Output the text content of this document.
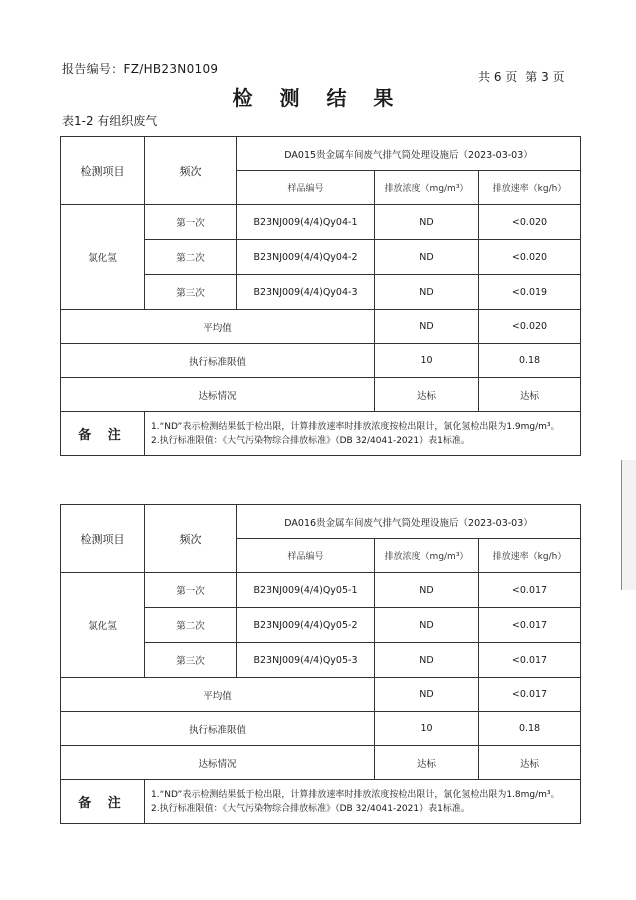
报告编号：FZ/HB23N0109
共 6 页 第 3 页
检 测 结 果
表1-2 有组织废气
检测项目	频次	DA015贵金属车间废气排气筒处理设施后（2023-03-03）		
		样品编号	排放浓度（mg/m³）	排放速率（kg/h）
氯化氢	第一次	B23NJ009(4/4)Qy04-1	ND	<0.020
	第二次	B23NJ009(4/4)Qy04-2	ND	<0.020
	第三次	B23NJ009(4/4)Qy04-3	ND	<0.019
平均值			ND	<0.020
执行标准限值			10	0.18
达标情况			达标	达标
备 注	1.“ND”表示检测结果低于检出限，计算排放速率时排放浓度按检出限计，氯化氢检出限为1.9mg/m³。
2.执行标准限值：《大气污染物综合排放标准》（DB 32/4041-2021）表1标准。			
检测项目	频次	DA016贵金属车间废气排气筒处理设施后（2023-03-03）		
		样品编号	排放浓度（mg/m³）	排放速率（kg/h）
氯化氢	第一次	B23NJ009(4/4)Qy05-1	ND	<0.017
	第二次	B23NJ009(4/4)Qy05-2	ND	<0.017
	第三次	B23NJ009(4/4)Qy05-3	ND	<0.017
平均值			ND	<0.017
执行标准限值			10	0.18
达标情况			达标	达标
备 注	1.“ND”表示检测结果低于检出限，计算排放速率时排放浓度按检出限计，氯化氢检出限为1.8mg/m³。
2.执行标准限值：《大气污染物综合排放标准》（DB 32/4041-2021）表1标准。			
